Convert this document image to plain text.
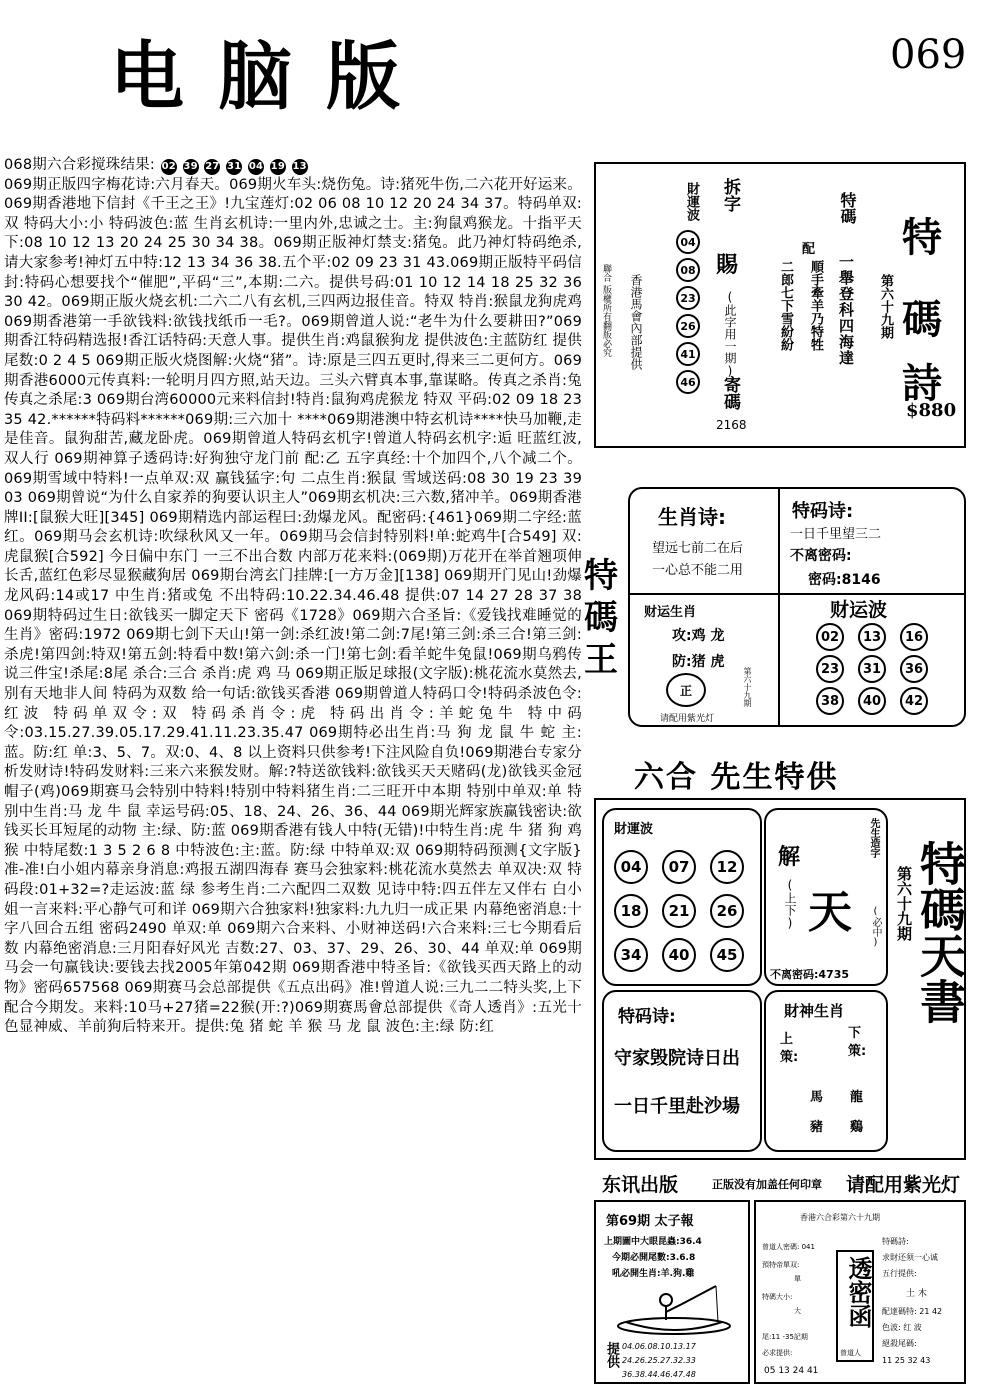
电脑版	069

068期六合彩搅珠结果: 02 39 27 31 04 19 13

069期正版四字梅花诗:六月春天。069期火车头:烧伤兔。诗:猪死牛伤,二六花开好运来。069期香港地下信封《千王之王》!九宝莲灯:02 06 08 10 12 20 24 34 37。特码单双:双 特码大小:小 特码波色:蓝 生肖玄机诗:一里内外,忠诚之士。主:狗鼠鸡猴龙。十指平天下:08 10 12 13 20 24 25 30 34 38。069期正版神灯禁支:猪兔。此乃神灯特码绝杀,请大家参考!神灯五中特:12 13 34 36 38.五个平:02 09 23 31 43.069期正版特平码信封:特码心想要找个“催肥”,平码“三”,本期:二六。提供号码:01 10 12 14 18 25 32 36 30 42。069期正版火烧玄机:二六二八有玄机,三四两边报佳音。特双 特肖:猴鼠龙狗虎鸡 069期香港第一手欲钱料:欲钱找纸币一毛?。069期曾道人说:“老牛为什么要耕田?”069期香江特码精选报!香江话特码:天意人事。提供生肖:鸡鼠猴狗龙 提供波色:主蓝防红 提供尾数:0 2 4 5 069期正版火烧图解:火烧“猪”。诗:原是三四五更时,得来三二更何方。069期香港6000元传真料:一轮明月四方照,站天边。三头六臂真本事,靠谋略。传真之杀肖:兔 传真之杀尾:3 069期台湾60000元来料信封!特肖:鼠狗鸡虎猴龙 特双 平码:02 09 18 23 35 42.******特码料******069期:三六加十 ****069期港澳中特玄机诗****快马加鞭,走是佳音。鼠狗甜苦,藏龙卧虎。069期曾道人特码玄机字!曾道人特码玄机字:逅 旺蓝红波,双人行 069期神算子透码诗:好狗独守龙门前 配:乙 五字真经:十个加四个,八个减二个。069期雪域中特料!一点单双:双 赢钱猛字:句 二点生肖:猴鼠 雪域送码:08 30 19 23 39 03 069期曾说“为什么自家养的狗要认识主人”069期玄机决:三六数,猪冲羊。069期香港牌II:[鼠猴大旺][345] 069期精选内部运程曰:劲爆龙风。配密码:{461}069期二字经:蓝红。069期马会玄机诗:吹绿秋风又一年。069期马会信封特别料!单:蛇鸡牛[合549] 双:虎鼠猴[合592] 今日偏中东门 一三不出合数 内部万花来料:(069期)万花开在举首翘项伸长舌,蓝红色彩尽显猴藏狗居 069期台湾玄门挂牌:[一方万金][138] 069期开门见山!劲爆龙风码:14或17 中生肖:猪或兔 不出特码:10.22.34.46.48 提供:07 14 27 28 37 38 069期特码过生日:欲钱买一脚定天下 密码《1728》069期六合圣旨:《爱钱找难睡觉的生肖》密码:1972 069期七剑下天山!第一剑:杀红波!第二剑:7尾!第三剑:杀三合!第三剑:杀虎!第四剑:特双!第五剑:特看中数!第六剑:杀一门!第七剑:看羊蛇牛兔鼠!069期乌鸦传说三件宝!杀尾:8尾 杀合:三合 杀肖:虎 鸡 马 069期正版足球报(文字版):桃花流水莫然去,别有天地非人间 特码为双数 给一句话:欲钱买香港 069期曾道人特码口令!特码杀波色令:红波 特码单双令:双 特码杀肖令:虎 特码出肖令:羊蛇兔牛 特中码令:03.15.27.39.05.17.29.41.11.23.35.47 069期特必出生肖:马 狗 龙 鼠 牛 蛇 主:蓝。防:红 单:3、5、7。双:0、4、8 以上资料只供参考!下注风险自负!069期港台专家分析发财诗!特码发财料:三来六来猴发财。解:?特送欲钱料:欲钱买天天赌码(龙)欲钱买金冠帽子(鸡)069期赛马会特别中特料!特别中特料猪生肖:二三旺开中本期 特别中单双:单 特别中生肖:马 龙 牛 鼠 幸运号码:05、18、24、26、36、44 069期光辉家族赢钱密诀:欲钱买长耳短尾的动物 主:绿、防:蓝 069期香港有钱人中特(无错)!中特生肖:虎 牛 猪 狗 鸡 猴 中特尾数:1 3 5 2 6 8 中特波色:主:蓝。防:绿 中特单双:双 069期特码预测{文字版}准-准!白小姐内幕亲身消息:鸡报五湖四海春 赛马会独家料:桃花流水莫然去 单双决:双 特码段:01+32=?走运波:蓝 绿 参考生肖:二六配四二双数 见诗中特:四五伴左又伴右 白小姐一言来料:平心静气可和详 069期六合独家料!独家料:九九归一成正果 内幕绝密消息:十字八回合五组 密码2490 单双:单 069期六合来料、小财神送码!六合来料:三七今期看后数 内幕绝密消息:三月阳春好风光 吉数:27、03、37、29、26、30、44 单双:单 069期马会一句赢钱诀:要钱去找2005年第042期 069期香港中特圣旨:《欲钱买西天路上的动物》密码657568 069期赛马会总部提供《五点出码》准!曾道人说:三九二二特头奖,上下配合今期发。来料:10马+27猪=22猴(开:?)069期赛馬會总部提供《奇人透肖》:五光十色显神威、羊前狗后特来开。提供:兔 猪 蛇 羊 猴 马 龙 鼠 波色:主:绿 防:红

聯合 版權所有翻版必究 香港馬會內部提供
財運波
04 08 23 26 41 46
拆字
賜
(此字用一期)
寄碼
2168
特碼
一舉登科四海達
順手牽羊乃特牲
配
二郎七下雪紛紛
特
碼
詩
第六十九期
$880
特
碼
王
生肖诗:
望远七前二在后
一心总不能二用
特码诗:
一日千里望三二
不离密码:
密码:8146
财运生肖
攻:鸡 龙
防:猪 虎
正	第六十九期
请配用紫光灯
财运波
02	13	16
23	31	36
38	40	42
六合 先生特供
財運波
04	07	12
18	21	26
34	40	45
解
(上下) 天
先生造字
(必中)
不离密码:4735
特码诗:
守家毁院诗日出
一日千里赴沙場
財神生肖
上
策:
下
策:
馬 龍
豬 鷄
第六十九期 特碼天書
东讯出版	正版没有加盖任何印章 请配用紫光灯
第69期 太子報
上期圖中大眼昆蟲:36.4
今期必開尾數:3.6.8
吼必開生肖:羊.狗.雞
提供 04.06.08.10.13.17
24.26.25.27.32.33
36.38.44.46.47.48
香港六合彩第六十九期
曾道人密碼: 041
預特帝單双:
單
特碼大小:
大
尾:11 -35記期
必求提供:
透密函
曾道人
特碼詩:
求財还须一心诚
五行提供:
土 木
配達碼特: 21 42
色波: 红 波
絕殺尾碼:
11 25 32 43
05 13 24 41
